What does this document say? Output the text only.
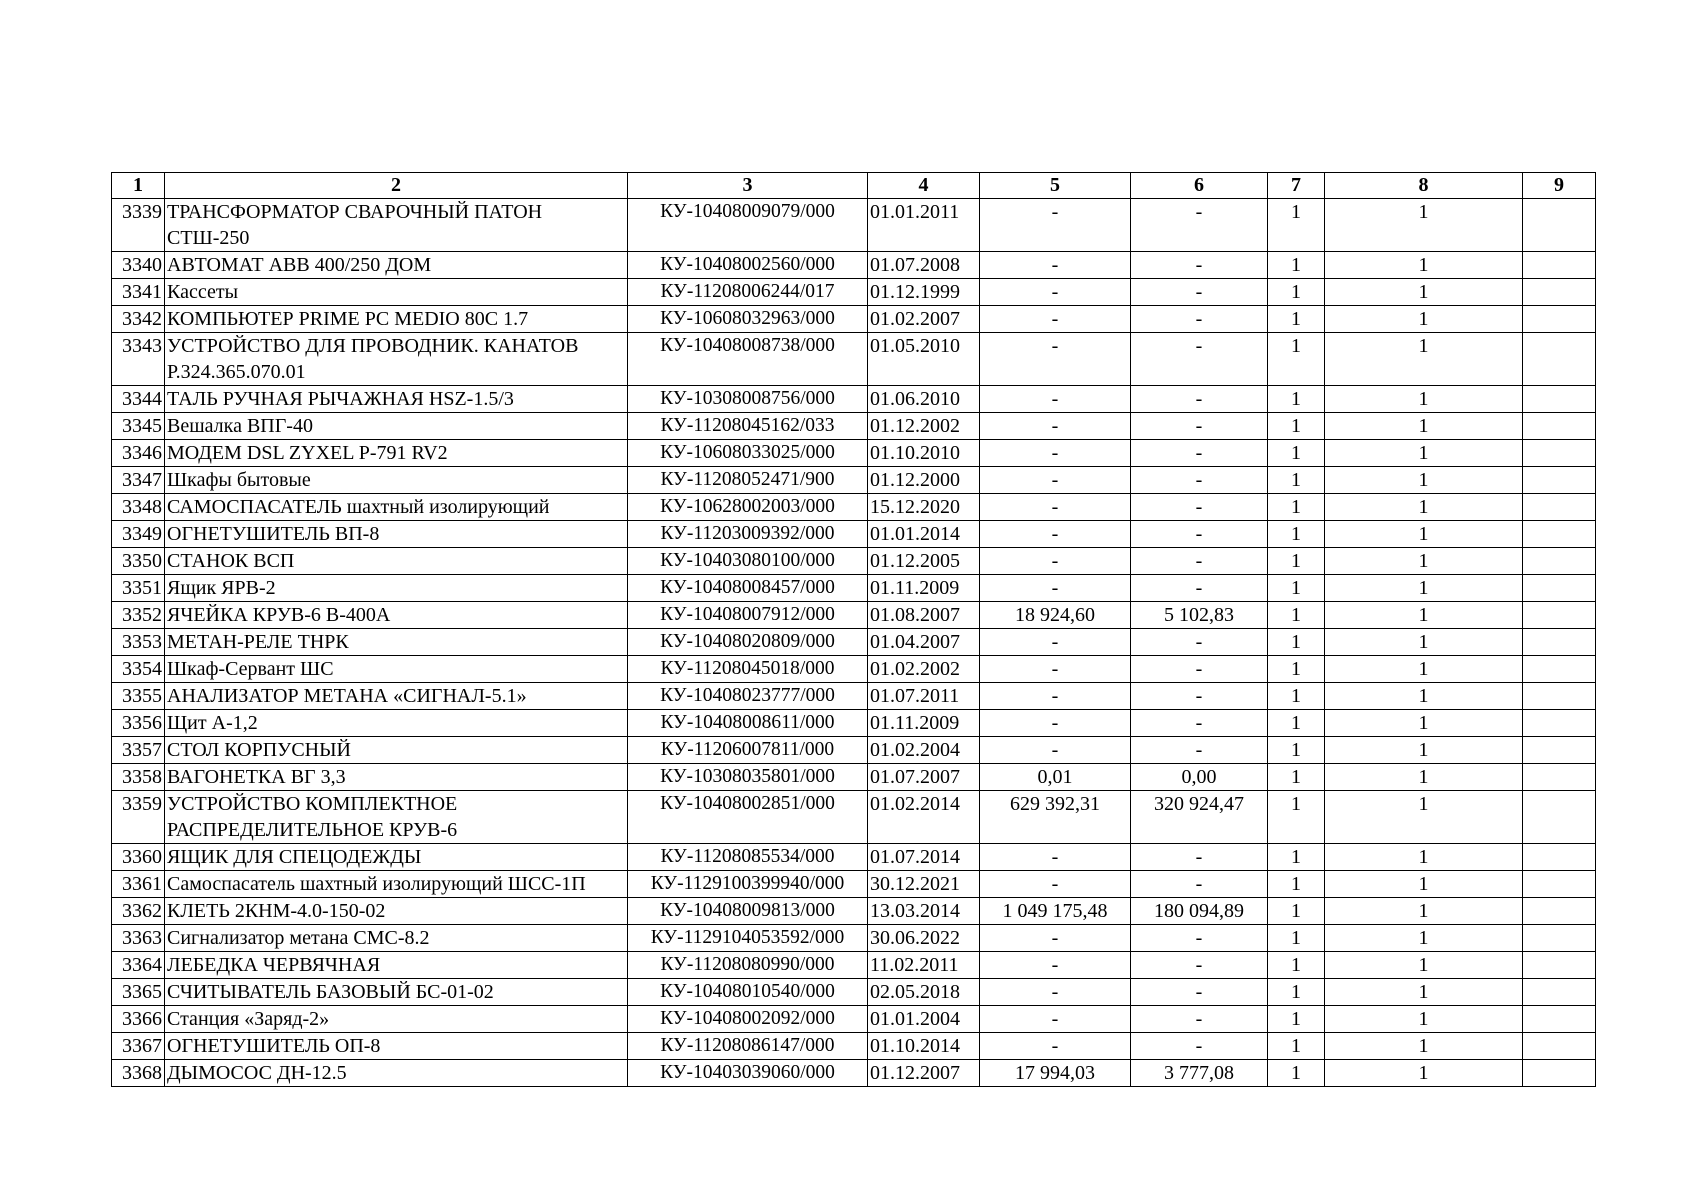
1	2	3	4	5	6	7	8	9
3339	ТРАНСФОРМАТОР СВАРОЧНЫЙ ПАТОН СТШ-250	КУ-10408009079/000	01.01.2011	-	-	1	1	
3340	АВТОМАТ АВВ 400/250 ДОМ	КУ-10408002560/000	01.07.2008	-	-	1	1	
3341	Кассеты	КУ-11208006244/017	01.12.1999	-	-	1	1	
3342	КОМПЬЮТЕР PRIME PC MEDIO 80C 1.7	КУ-10608032963/000	01.02.2007	-	-	1	1	
3343	УСТРОЙСТВО ДЛЯ ПРОВОДНИК. КАНАТОВ Р.324.365.070.01	КУ-10408008738/000	01.05.2010	-	-	1	1	
3344	ТАЛЬ РУЧНАЯ РЫЧАЖНАЯ HSZ-1.5/3	КУ-10308008756/000	01.06.2010	-	-	1	1	
3345	Вешалка ВПГ-40	КУ-11208045162/033	01.12.2002	-	-	1	1	
3346	МОДЕМ DSL ZYXEL P-791 RV2	КУ-10608033025/000	01.10.2010	-	-	1	1	
3347	Шкафы бытовые	КУ-11208052471/900	01.12.2000	-	-	1	1	
3348	САМОСПАСАТЕЛЬ шахтный изолирующий	КУ-10628002003/000	15.12.2020	-	-	1	1	
3349	ОГНЕТУШИТЕЛЬ ВП-8	КУ-11203009392/000	01.01.2014	-	-	1	1	
3350	СТАНОК ВСП	КУ-10403080100/000	01.12.2005	-	-	1	1	
3351	Ящик ЯРВ-2	КУ-10408008457/000	01.11.2009	-	-	1	1	
3352	ЯЧЕЙКА КРУВ-6 В-400А	КУ-10408007912/000	01.08.2007	18 924,60	5 102,83	1	1	
3353	МЕТАН-РЕЛЕ ТНРК	КУ-10408020809/000	01.04.2007	-	-	1	1	
3354	Шкаф-Сервант ШС	КУ-11208045018/000	01.02.2002	-	-	1	1	
3355	АНАЛИЗАТОР МЕТАНА «СИГНАЛ-5.1»	КУ-10408023777/000	01.07.2011	-	-	1	1	
3356	Щит А-1,2	КУ-10408008611/000	01.11.2009	-	-	1	1	
3357	СТОЛ КОРПУСНЫЙ	КУ-11206007811/000	01.02.2004	-	-	1	1	
3358	ВАГОНЕТКА ВГ 3,3	КУ-10308035801/000	01.07.2007	0,01	0,00	1	1	
3359	УСТРОЙСТВО КОМПЛЕКТНОЕ РАСПРЕДЕЛИТЕЛЬНОЕ КРУВ-6	КУ-10408002851/000	01.02.2014	629 392,31	320 924,47	1	1	
3360	ЯЩИК ДЛЯ СПЕЦОДЕЖДЫ	КУ-11208085534/000	01.07.2014	-	-	1	1	
3361	Самоспасатель шахтный изолирующий ШСС-1П	КУ-1129100399940/000	30.12.2021	-	-	1	1	
3362	КЛЕТЬ 2КНМ-4.0-150-02	КУ-10408009813/000	13.03.2014	1 049 175,48	180 094,89	1	1	
3363	Сигнализатор метана СМС-8.2	КУ-1129104053592/000	30.06.2022	-	-	1	1	
3364	ЛЕБЕДКА ЧЕРВЯЧНАЯ	КУ-11208080990/000	11.02.2011	-	-	1	1	
3365	СЧИТЫВАТЕЛЬ БАЗОВЫЙ БС-01-02	КУ-10408010540/000	02.05.2018	-	-	1	1	
3366	Станция «Заряд-2»	КУ-10408002092/000	01.01.2004	-	-	1	1	
3367	ОГНЕТУШИТЕЛЬ ОП-8	КУ-11208086147/000	01.10.2014	-	-	1	1	
3368	ДЫМОСОС ДН-12.5	КУ-10403039060/000	01.12.2007	17 994,03	3 777,08	1	1	
